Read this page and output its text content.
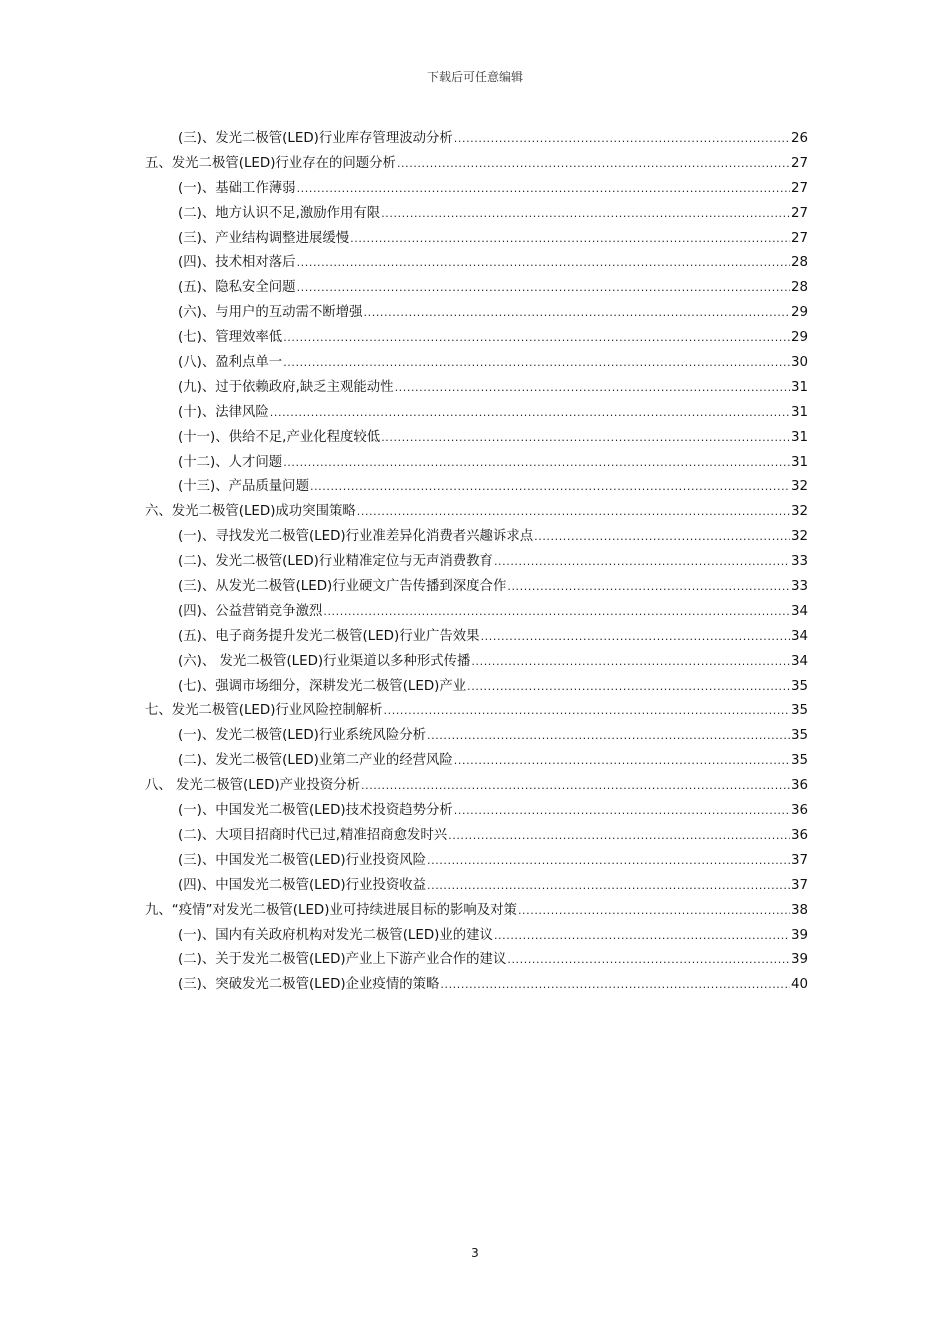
下载后可任意编辑
(三)、发光二极管(LED)行业库存管理波动分析 .....	26
五、发光二极管(LED)行业存在的问题分析 .....	27
(一)、基础工作薄弱 .....	27
(二)、地方认识不足,激励作用有限 .....	27
(三)、产业结构调整进展缓慢 .....	27
(四)、技术相对落后 .....	28
(五)、隐私安全问题 .....	28
(六)、与用户的互动需不断增强 .....	29
(七)、管理效率低 .....	29
(八)、盈利点单一 .....	30
(九)、过于依赖政府,缺乏主观能动性 .....	31
(十)、法律风险 .....	31
(十一)、供给不足,产业化程度较低 .....	31
(十二)、人才问题 .....	31
(十三)、产品质量问题 .....	32
六、发光二极管(LED)成功突围策略 .....	32
(一)、寻找发光二极管(LED)行业准差异化消费者兴趣诉求点 .....	32
(二)、发光二极管(LED)行业精准定位与无声消费教育 .....	33
(三)、从发光二极管(LED)行业硬文广告传播到深度合作 .....	33
(四)、公益营销竞争激烈 .....	34
(五)、电子商务提升发光二极管(LED)行业广告效果 .....	34
(六)、 发光二极管(LED)行业渠道以多种形式传播 .....	34
(七)、强调市场细分，深耕发光二极管(LED)产业 .....	35
七、发光二极管(LED)行业风险控制解析 .....	35
(一)、发光二极管(LED)行业系统风险分析 .....	35
(二)、发光二极管(LED)业第二产业的经营风险 .....	35
八、 发光二极管(LED)产业投资分析 .....	36
(一)、中国发光二极管(LED)技术投资趋势分析 .....	36
(二)、大项目招商时代已过,精准招商愈发时兴 .....	36
(三)、中国发光二极管(LED)行业投资风险 .....	37
(四)、中国发光二极管(LED)行业投资收益 .....	37
九、“疫情”对发光二极管(LED)业可持续进展目标的影响及对策 .....	38
(一)、国内有关政府机构对发光二极管(LED)业的建议 .....	39
(二)、关于发光二极管(LED)产业上下游产业合作的建议 .....	39
(三)、突破发光二极管(LED)企业疫情的策略 .....	40
3
